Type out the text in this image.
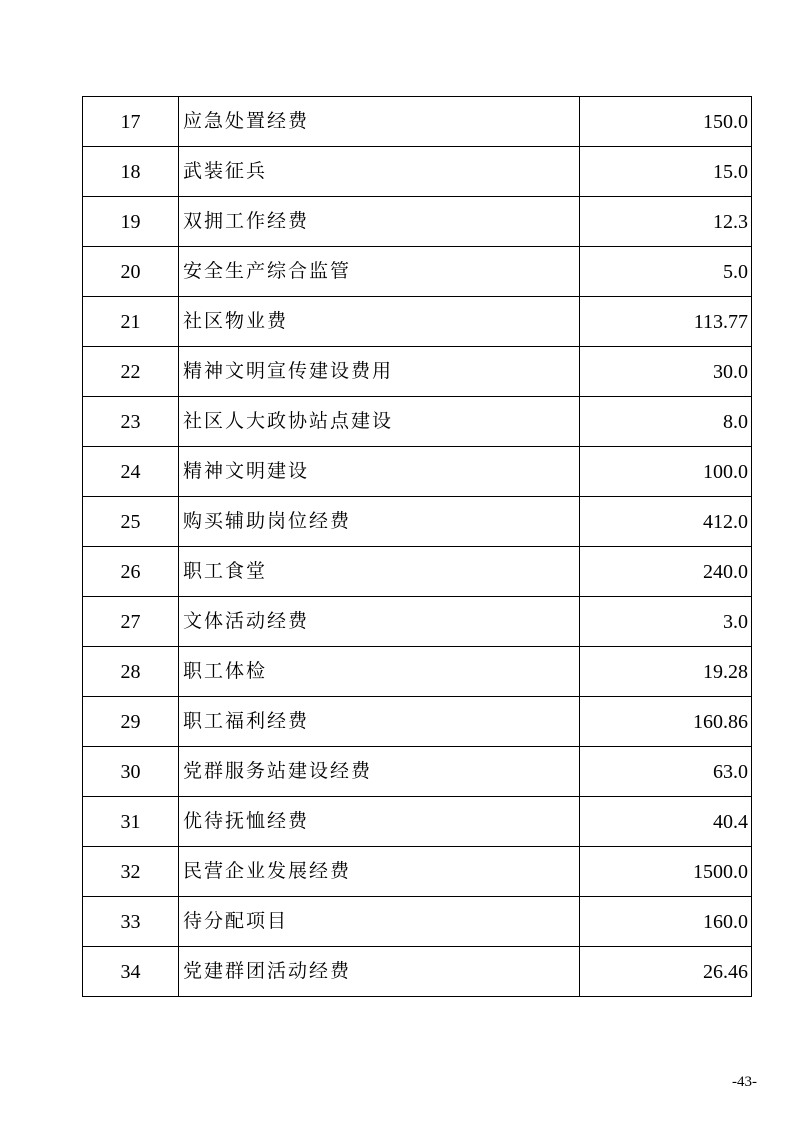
17	应急处置经费	150.0
18	武装征兵	15.0
19	双拥工作经费	12.3
20	安全生产综合监管	5.0
21	社区物业费	113.77
22	精神文明宣传建设费用	30.0
23	社区人大政协站点建设	8.0
24	精神文明建设	100.0
25	购买辅助岗位经费	412.0
26	职工食堂	240.0
27	文体活动经费	3.0
28	职工体检	19.28
29	职工福利经费	160.86
30	党群服务站建设经费	63.0
31	优待抚恤经费	40.4
32	民营企业发展经费	1500.0
33	待分配项目	160.0
34	党建群团活动经费	26.46
-43-
